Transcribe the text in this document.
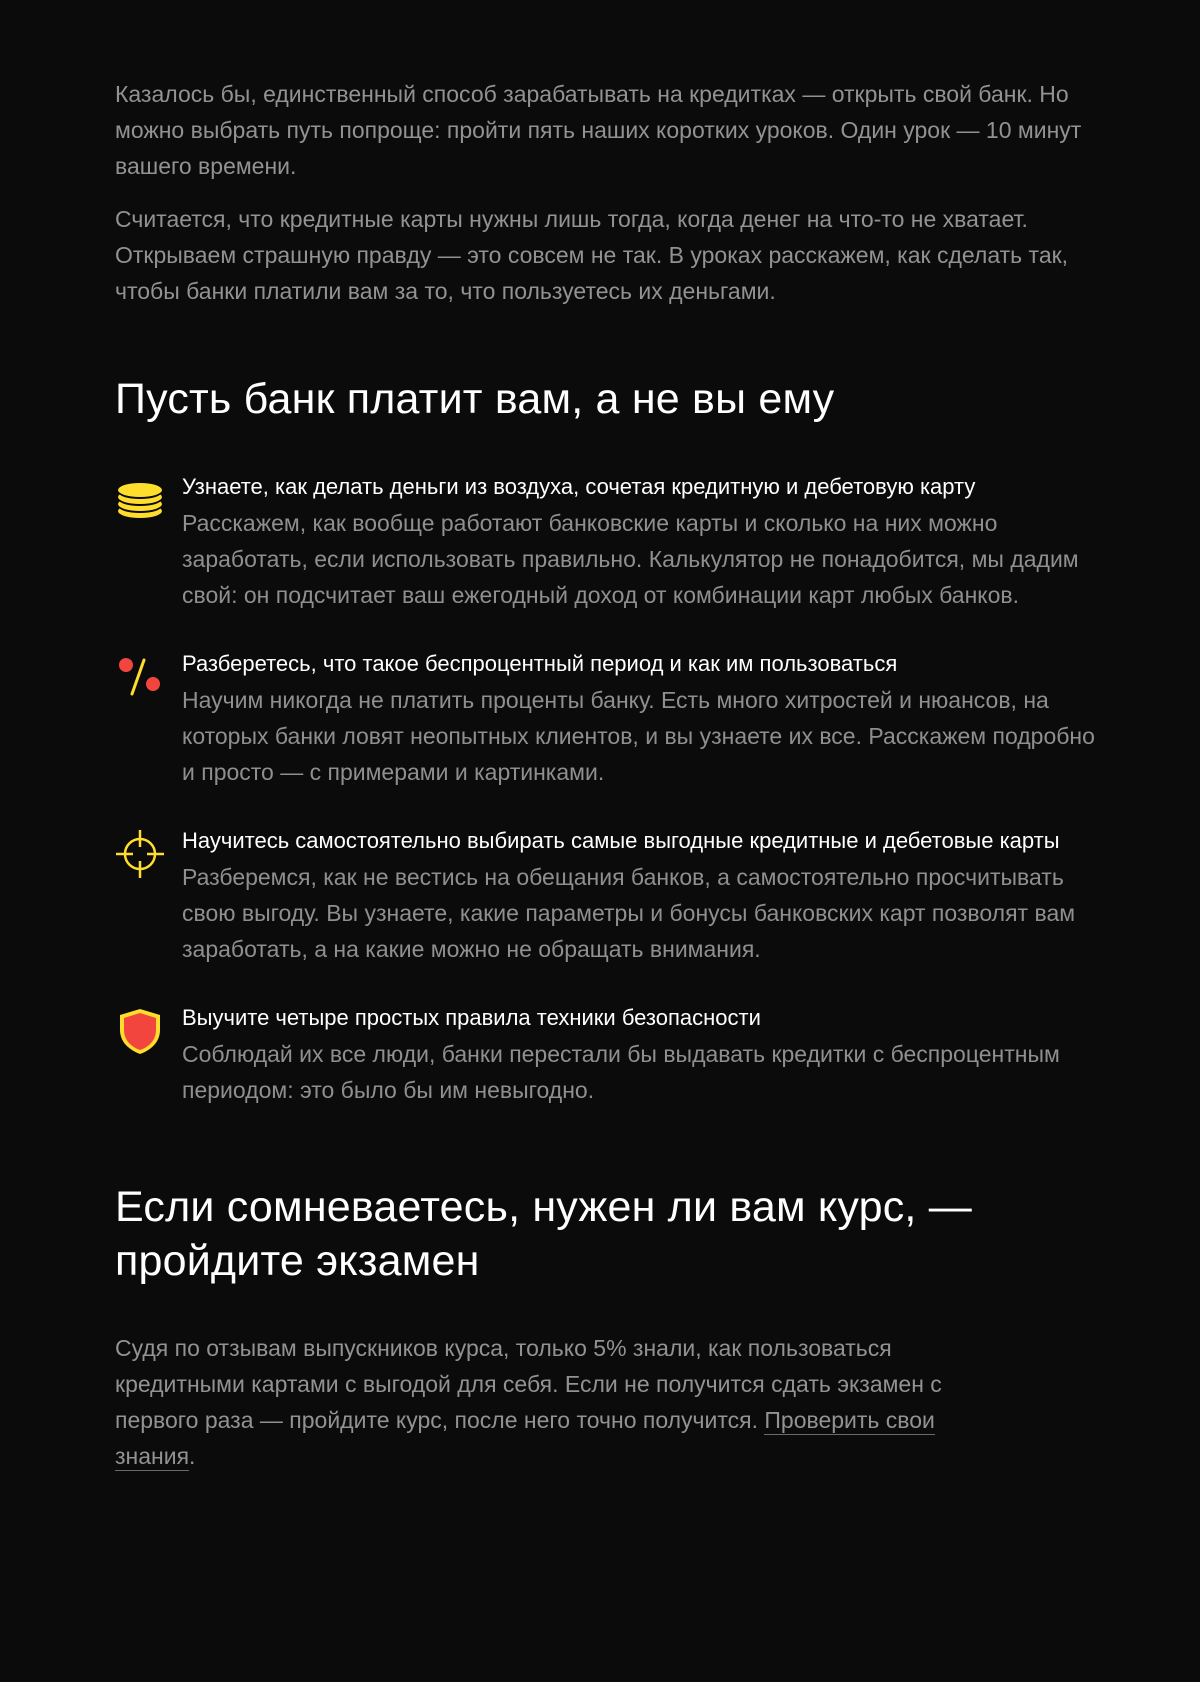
Казалось бы, единственный способ зарабатывать на кредитках — открыть свой банк. Но можно выбрать путь попроще: пройти пять наших коротких уроков. Один урок — 10 минут вашего времени.

Считается, что кредитные карты нужны лишь тогда, когда денег на что-то не хватает. Открываем страшную правду — это совсем не так. В уроках расскажем, как сделать так, чтобы банки платили вам за то, что пользуетесь их деньгами.

Пусть банк платит вам, а не вы ему
Узнаете, как делать деньги из воздуха, сочетая кредитную и дебетовую карту
Расскажем, как вообще работают банковские карты и сколько на них можно заработать, если использовать правильно. Калькулятор не понадобится, мы дадим свой: он подсчитает ваш ежегодный доход от комбинации карт любых банков.
Разберетесь, что такое беспроцентный период и как им пользоваться
Научим никогда не платить проценты банку. Есть много хитростей и нюансов, на которых банки ловят неопытных клиентов, и вы узнаете их все. Расскажем подробно и просто — с примерами и картинками.
Научитесь самостоятельно выбирать самые выгодные кредитные и дебетовые карты
Разберемся, как не вестись на обещания банков, а самостоятельно просчитывать свою выгоду. Вы узнаете, какие параметры и бонусы банковских карт позволят вам заработать, а на какие можно не обращать внимания.
Выучите четыре простых правила техники безопасности
Соблюдай их все люди, банки перестали бы выдавать кредитки с беспроцентным периодом: это было бы им невыгодно.
Если сомневаетесь, нужен ли вам курс, — пройдите экзамен

Судя по отзывам выпускников курса, только 5% знали, как пользоваться кредитными картами с выгодой для себя. Если не получится сдать экзамен с первого раза — пройдите курс, после него точно получится. Проверить свои знания.
